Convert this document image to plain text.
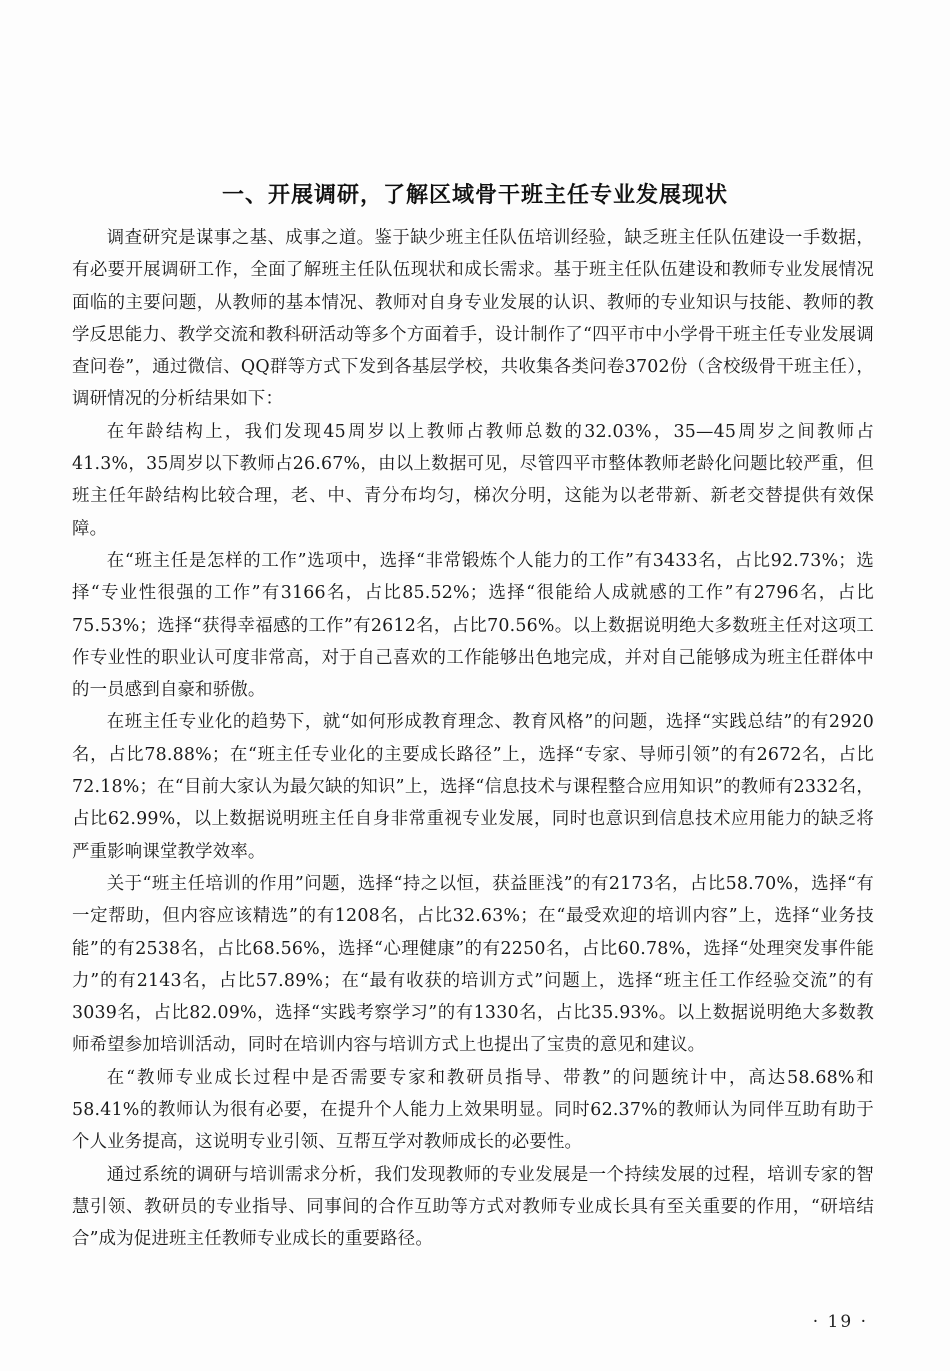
一、开展调研，了解区域骨干班主任专业发展现状

调查研究是谋事之基、成事之道。鉴于缺少班主任队伍培训经验，缺乏班主任队伍建设一手数据，有必要开展调研工作，全面了解班主任队伍现状和成长需求。基于班主任队伍建设和教师专业发展情况面临的主要问题，从教师的基本情况、教师对自身专业发展的认识、教师的专业知识与技能、教师的教学反思能力、教学交流和教科研活动等多个方面着手，设计制作了“四平市中小学骨干班主任专业发展调查问卷”，通过微信、QQ群等方式下发到各基层学校，共收集各类问卷3702份（含校级骨干班主任），调研情况的分析结果如下：

在年龄结构上，我们发现45周岁以上教师占教师总数的32.03%，35—45周岁之间教师占41.3%，35周岁以下教师占26.67%，由以上数据可见，尽管四平市整体教师老龄化问题比较严重，但班主任年龄结构比较合理，老、中、青分布均匀，梯次分明，这能为以老带新、新老交替提供有效保障。

在“班主任是怎样的工作”选项中，选择“非常锻炼个人能力的工作”有3433名，占比92.73%；选择“专业性很强的工作”有3166名，占比85.52%；选择“很能给人成就感的工作”有2796名，占比75.53%；选择“获得幸福感的工作”有2612名，占比70.56%。以上数据说明绝大多数班主任对这项工作专业性的职业认可度非常高，对于自己喜欢的工作能够出色地完成，并对自己能够成为班主任群体中的一员感到自豪和骄傲。

在班主任专业化的趋势下，就“如何形成教育理念、教育风格”的问题，选择“实践总结”的有2920名，占比78.88%；在“班主任专业化的主要成长路径”上，选择“专家、导师引领”的有2672名，占比72.18%；在“目前大家认为最欠缺的知识”上，选择“信息技术与课程整合应用知识”的教师有2332名，占比62.99%，以上数据说明班主任自身非常重视专业发展，同时也意识到信息技术应用能力的缺乏将严重影响课堂教学效率。

关于“班主任培训的作用”问题，选择“持之以恒，获益匪浅”的有2173名，占比58.70%，选择“有一定帮助，但内容应该精选”的有1208名，占比32.63%；在“最受欢迎的培训内容”上，选择“业务技能”的有2538名，占比68.56%，选择“心理健康”的有2250名，占比60.78%，选择“处理突发事件能力”的有2143名，占比57.89%；在“最有收获的培训方式”问题上，选择“班主任工作经验交流”的有3039名，占比82.09%，选择“实践考察学习”的有1330名，占比35.93%。以上数据说明绝大多数教师希望参加培训活动，同时在培训内容与培训方式上也提出了宝贵的意见和建议。

在“教师专业成长过程中是否需要专家和教研员指导、带教”的问题统计中，高达58.68%和58.41%的教师认为很有必要，在提升个人能力上效果明显。同时62.37%的教师认为同伴互助有助于个人业务提高，这说明专业引领、互帮互学对教师成长的必要性。

通过系统的调研与培训需求分析，我们发现教师的专业发展是一个持续发展的过程，培训专家的智慧引领、教研员的专业指导、同事间的合作互助等方式对教师专业成长具有至关重要的作用，“研培结合”成为促进班主任教师专业成长的重要路径。

· 19 ·
